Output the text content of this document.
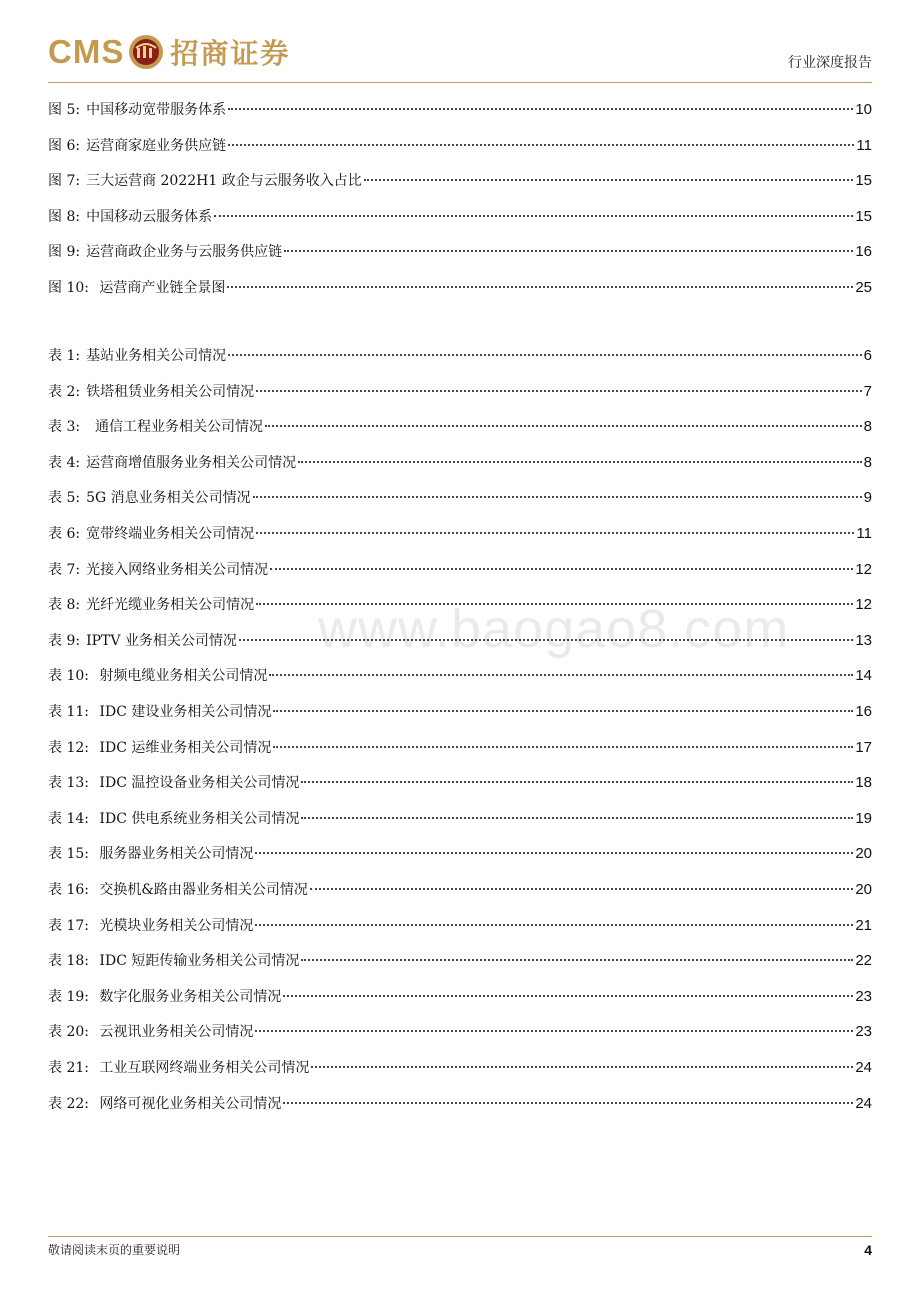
CMS 招商证券	行业深度报告
www.baogao8.com
图 5: 中国移动宽带服务体系	10
图 6: 运营商家庭业务供应链	11
图 7: 三大运营商 2022H1 政企与云服务收入占比	15
图 8: 中国移动云服务体系	15
图 9: 运营商政企业务与云服务供应链	16
图 10: 运营商产业链全景图	25
表 1: 基站业务相关公司情况	6
表 2: 铁塔租赁业务相关公司情况	7
表 3: 通信工程业务相关公司情况	8
表 4: 运营商增值服务业务相关公司情况	8
表 5: 5G 消息业务相关公司情况	9
表 6: 宽带终端业务相关公司情况	11
表 7: 光接入网络业务相关公司情况	12
表 8: 光纤光缆业务相关公司情况	12
表 9: IPTV 业务相关公司情况	13
表 10: 射频电缆业务相关公司情况	14
表 11: IDC 建设业务相关公司情况	16
表 12: IDC 运维业务相关公司情况	17
表 13: IDC 温控设备业务相关公司情况	18
表 14: IDC 供电系统业务相关公司情况	19
表 15: 服务器业务相关公司情况	20
表 16: 交换机&路由器业务相关公司情况	20
表 17: 光模块业务相关公司情况	21
表 18: IDC 短距传输业务相关公司情况	22
表 19: 数字化服务业务相关公司情况	23
表 20: 云视讯业务相关公司情况	23
表 21: 工业互联网终端业务相关公司情况	24
表 22: 网络可视化业务相关公司情况	24
敬请阅读末页的重要说明	4
